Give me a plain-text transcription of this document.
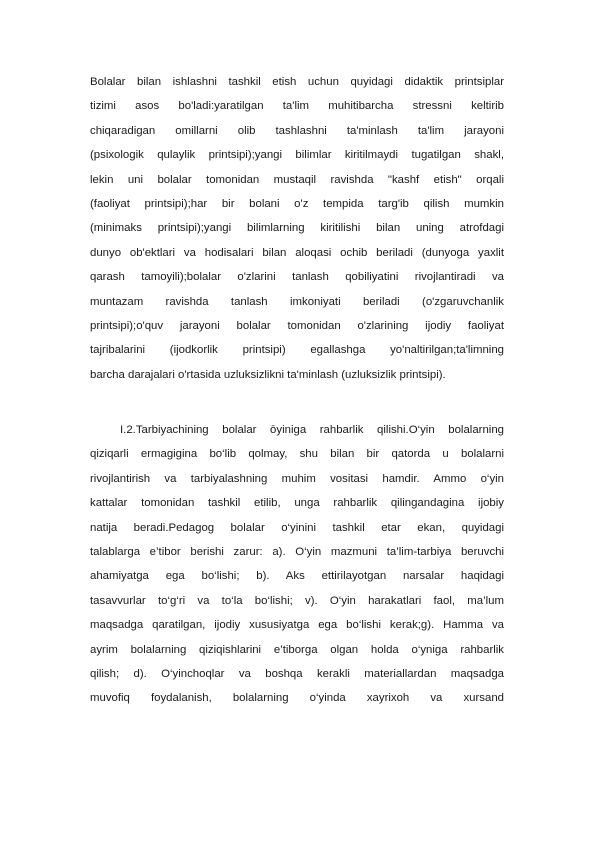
Bolalar bilan ishlashni tashkil etish uchun quyidagi didaktik printsiplar
tizimi asos bo'ladi:yaratilgan ta'lim muhitibarcha stressni keltirib
chiqaradigan omillarni olib tashlashni ta'minlash ta'lim jarayoni
(psixologik qulaylik printsipi);yangi bilimlar kiritilmaydi tugatilgan shakl,
lekin uni bolalar tomonidan mustaqil ravishda "kashf etish" orqali
(faoliyat printsipi);har bir bolani o'z tempida targ'ib qilish mumkin
(minimaks printsipi);yangi bilimlarning kiritilishi bilan uning atrofdagi
dunyo ob'ektlari va hodisalari bilan aloqasi ochib beriladi (dunyoga yaxlit
qarash tamoyili);bolalar o'zlarini tanlash qobiliyatini rivojlantiradi va
muntazam ravishda tanlash imkoniyati beriladi (o'zgaruvchanlik
printsipi);o'quv jarayoni bolalar tomonidan o'zlarining ijodiy faoliyat
tajribalarini (ijodkorlik printsipi) egallashga yo'naltirilgan;ta'limning
barcha darajalari o'rtasida uzluksizlikni ta'minlash (uzluksizlik printsipi).
I.2.Tarbiyachining bolalar ōyiniga rahbarlik qilishi.O‘yin bolalarning
qiziqarli ermagigina bo‘lib qolmay, shu bilan bir qatorda u bolalarni
rivojlantirish va tarbiyalashning muhim vositasi hamdir. Ammo o‘yin
kattalar tomonidan tashkil etilib, unga rahbarlik qilingandagina ijobiy
natija beradi.Pedagog bolalar o‘yinini tashkil etar ekan, quyidagi
talablarga e’tibor berishi zarur: a). O‘yin mazmuni ta’lim-tarbiya beruvchi
ahamiyatga ega bo‘lishi; b). Aks ettirilayotgan narsalar haqidagi
tasavvurlar to‘g‘ri va to‘la bo‘lishi; v). O‘yin harakatlari faol, ma’lum
maqsadga qaratilgan, ijodiy xususiyatga ega bo‘lishi kerak;g). Hamma va
ayrim bolalarning qiziqishlarini e’tiborga olgan holda o‘yniga rahbarlik
qilish; d). O‘yinchoqlar va boshqa kerakli materiallardan maqsadga
muvofiq foydalanish, bolalarning o‘yinda xayrixoh va xursand
